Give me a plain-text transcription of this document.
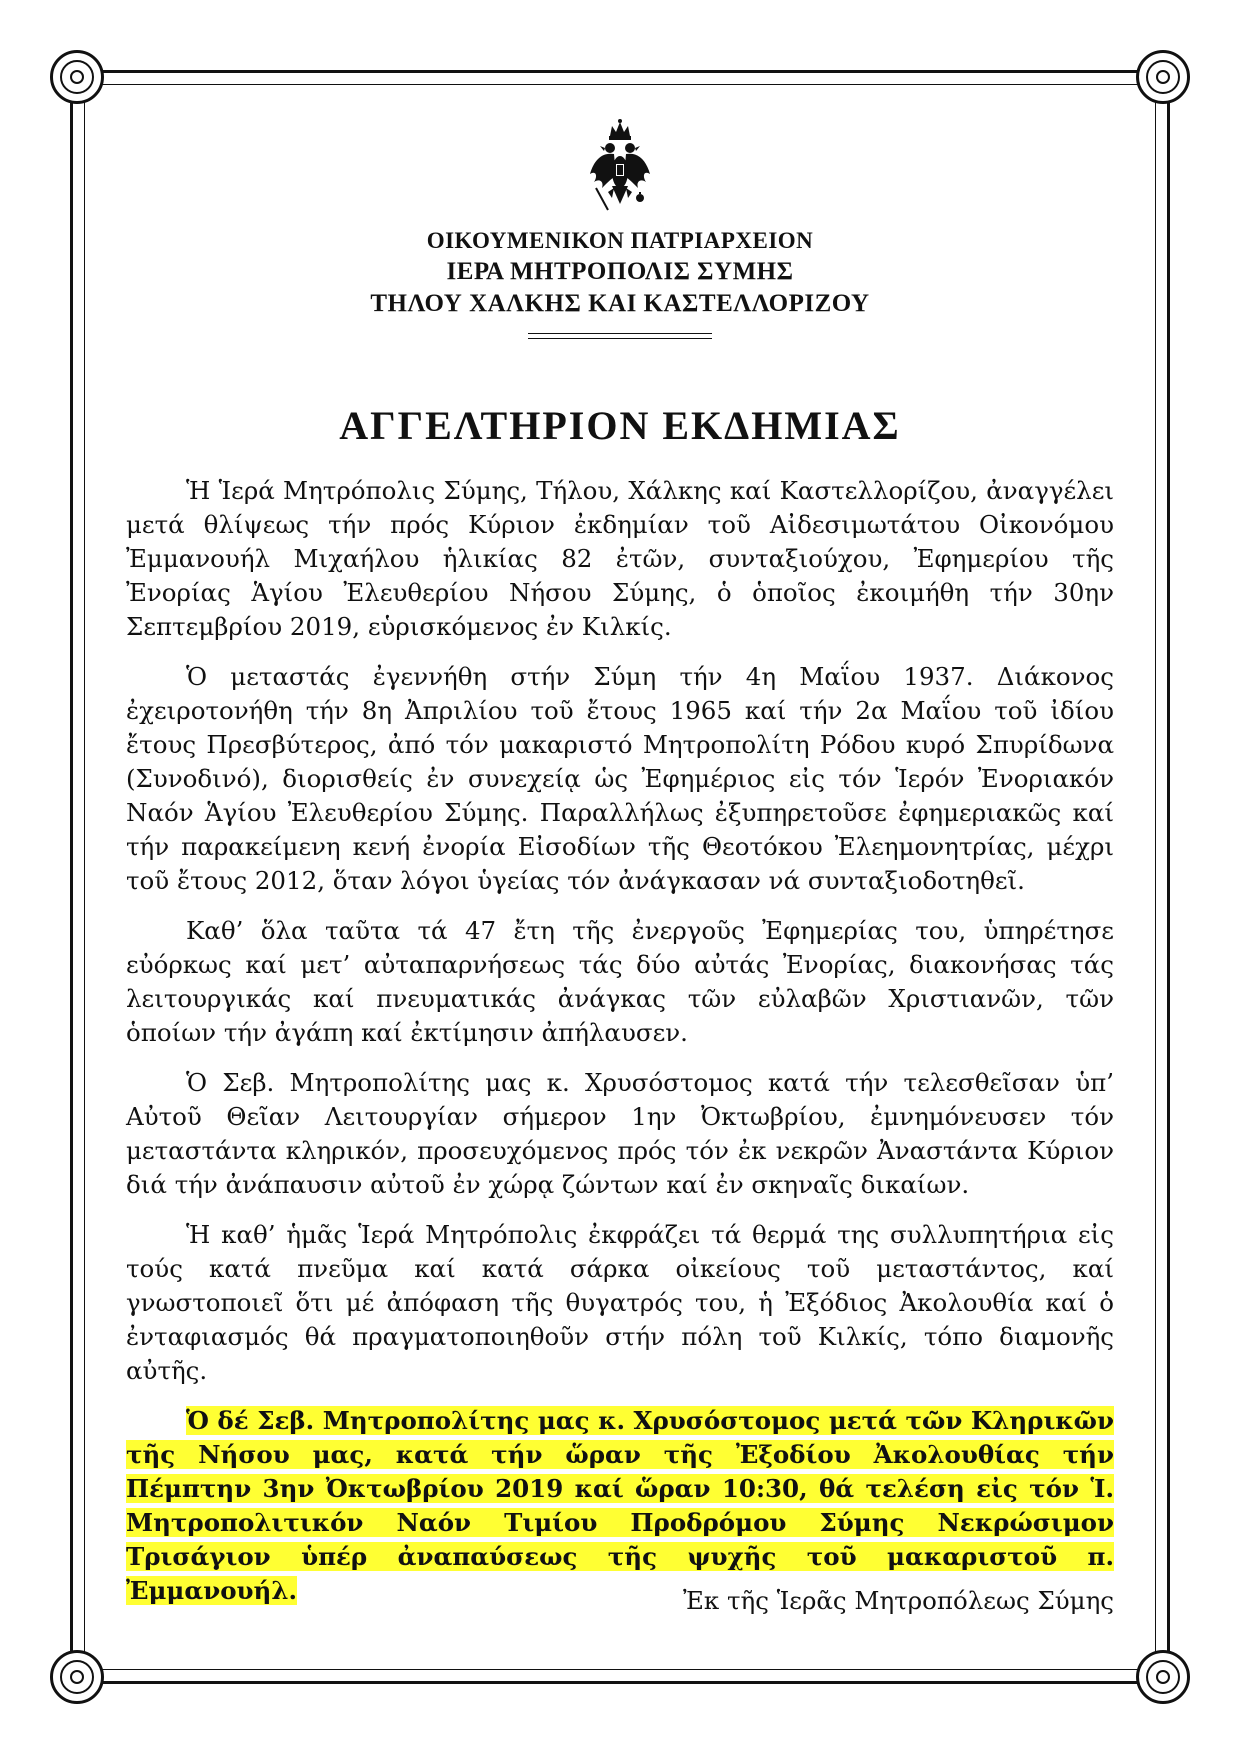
ΟΙΚΟΥΜΕΝΙΚΟΝ ΠΑΤΡΙΑΡΧΕΙΟΝ
ΙΕΡΑ ΜΗΤΡΟΠΟΛΙΣ ΣΥΜΗΣ
ΤΗΛΟΥ ΧΑΛΚΗΣ ΚΑΙ ΚΑΣΤΕΛΛΟΡΙΖΟΥ
ΑΓΓΕΛΤΗΡΙΟΝ ΕΚΔΗΜΙΑΣ

Ἡ Ἱερά Μητρόπολις Σύμης, Τήλου, Χάλκης καί Καστελλορίζου, ἀναγγέλει μετά θλίψεως τήν πρός Κύριον ἐκδημίαν τοῦ Αἰδεσιμωτάτου Οἰκονόμου Ἐμμανουήλ Μιχαήλου ἡλικίας 82 ἐτῶν, συνταξιούχου, Ἐφημερίου τῆς Ἐνορίας Ἁγίου Ἐλευθερίου Νήσου Σύμης, ὁ ὁποῖος ἐκοιμήθη τήν 30ην Σεπτεμβρίου 2019, εὑρισκόμενος ἐν Κιλκίς.

Ὁ μεταστάς ἐγεννήθη στήν Σύμη τήν 4η Μαΐου 1937. Διάκονος ἐχειροτονήθη τήν 8η Ἀπριλίου τοῦ ἔτους 1965 καί τήν 2α Μαΐου τοῦ ἰδίου ἔτους Πρεσβύτερος, ἀπό τόν μακαριστό Μητροπολίτη Ρόδου κυρό Σπυρίδωνα (Συνοδινό), διορισθείς ἐν συνεχείᾳ ὡς Ἐφημέριος εἰς τόν Ἱερόν Ἐνοριακόν Ναόν Ἁγίου Ἐλευθερίου Σύμης. Παραλλήλως ἐξυπηρετοῦσε ἐφημεριακῶς καί τήν παρακείμενη κενή ἐνορία Εἰσοδίων τῆς Θεοτόκου Ἐλεημονητρίας, μέχρι τοῦ ἔτους 2012, ὅταν λόγοι ὑγείας τόν ἀνάγκασαν νά συνταξιοδοτηθεῖ.

Καθ’ ὅλα ταῦτα τά 47 ἔτη τῆς ἐνεργοῦς Ἐφημερίας του, ὑπηρέτησε εὐόρκως καί μετ’ αὐταπαρνήσεως τάς δύο αὐτάς Ἐνορίας, διακονήσας τάς λειτουργικάς καί πνευματικάς ἀνάγκας τῶν εὐλαβῶν Χριστιανῶν, τῶν ὁποίων τήν ἀγάπη καί ἐκτίμησιν ἀπήλαυσεν.

Ὁ Σεβ. Μητροπολίτης μας κ. Χρυσόστομος κατά τήν τελεσθεῖσαν ὑπ’ Αὐτοῦ Θεῖαν Λειτουργίαν σήμερον 1ην Ὀκτωβρίου, ἐμνημόνευσεν τόν μεταστάντα κληρικόν, προσευχόμενος πρός τόν ἐκ νεκρῶν Ἀναστάντα Κύριον διά τήν ἀνάπαυσιν αὐτοῦ ἐν χώρᾳ ζώντων καί ἐν σκηναῖς δικαίων.

Ἡ καθ’ ἡμᾶς Ἱερά Μητρόπολις ἐκφράζει τά θερμά της συλλυπητήρια εἰς τούς κατά πνεῦμα καί κατά σάρκα οἰκείους τοῦ μεταστάντος, καί γνωστοποιεῖ ὅτι μέ ἀπόφαση τῆς θυγατρός του, ἡ Ἐξόδιος Ἀκολουθία καί ὁ ἐνταφιασμός θά πραγματοποιηθοῦν στήν πόλη τοῦ Κιλκίς, τόπο διαμονῆς αὐτῆς.

Ὁ δέ Σεβ. Μητροπολίτης μας κ. Χρυσόστομος μετά τῶν Κληρικῶν τῆς Νήσου μας, κατά τήν ὥραν τῆς Ἐξοδίου Ἀκολουθίας τήν Πέμπτην 3ην Ὀκτωβρίου 2019 καί ὥραν 10:30, θά τελέση εἰς τόν Ἱ. Μητροπολιτικόν Ναόν Τιμίου Προδρόμου Σύμης Νεκρώσιμον Τρισάγιον ὑπέρ ἀναπαύσεως τῆς ψυχῆς τοῦ μακαριστοῦ π. Ἐμμανουήλ.	Ἐκ τῆς Ἱερᾶς Μητροπόλεως Σύμης
